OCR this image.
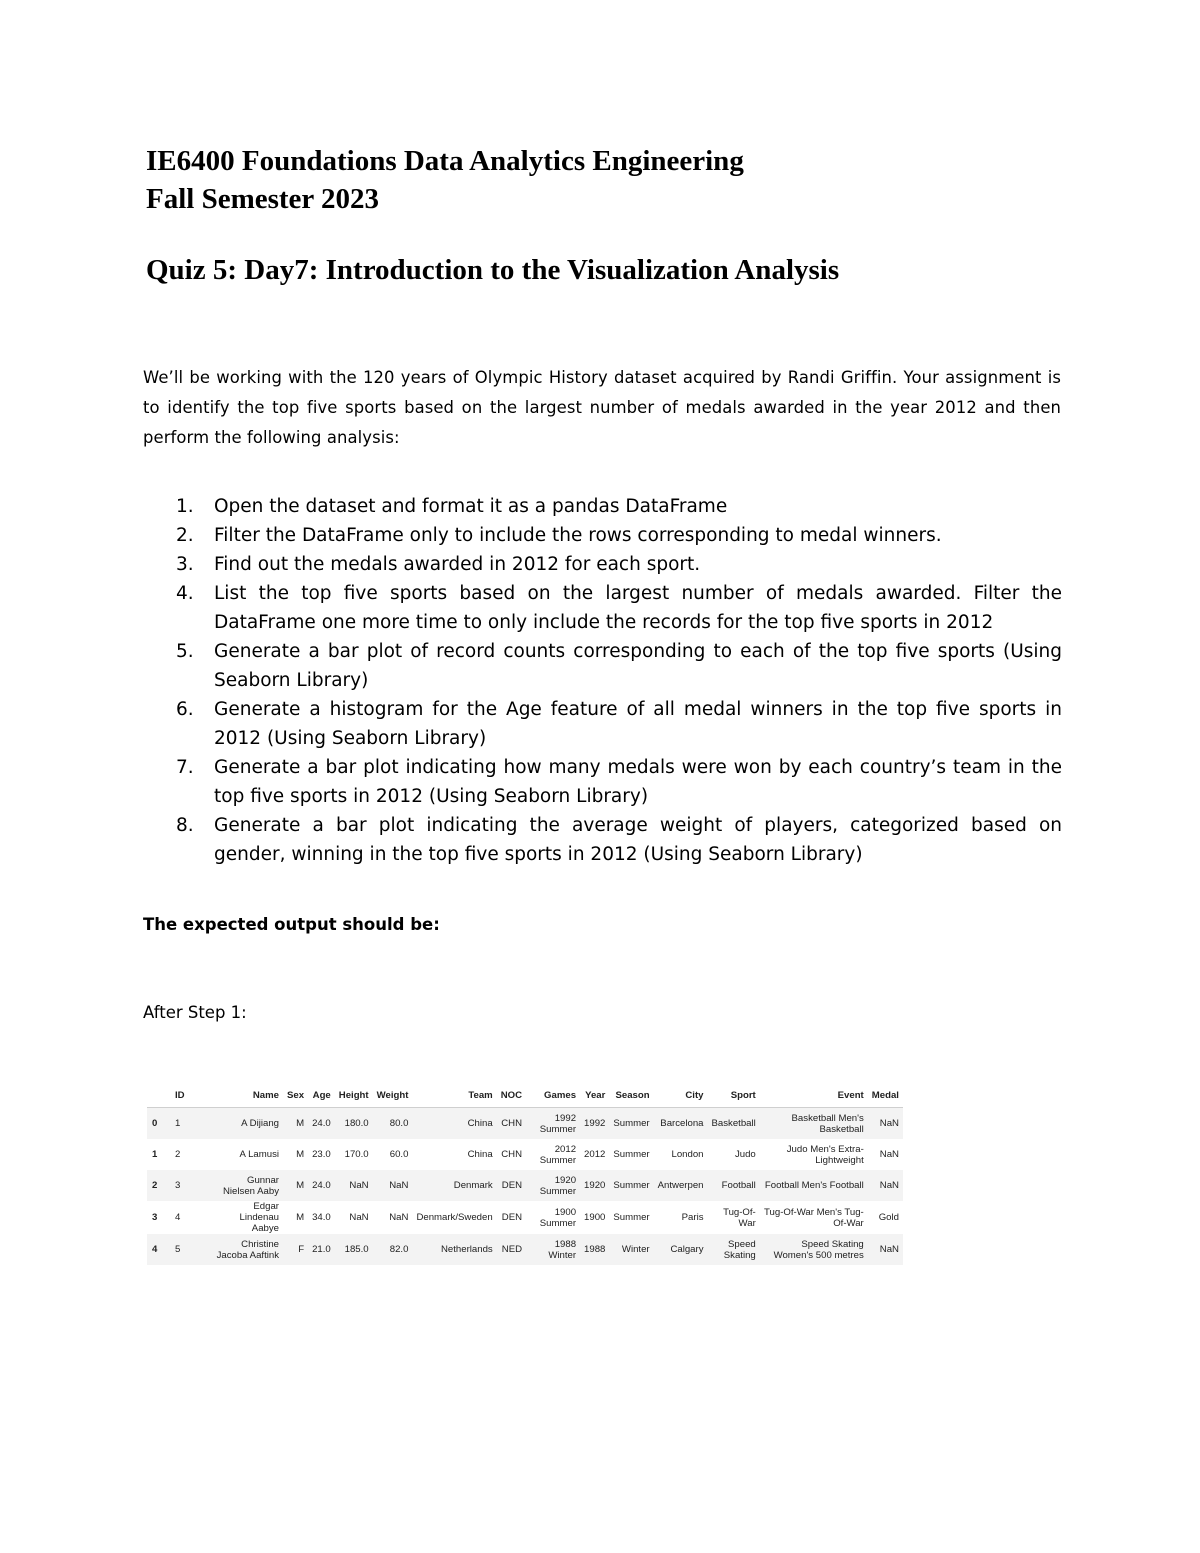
IE6400 Foundations Data Analytics Engineering
Fall Semester 2023
Quiz 5: Day7: Introduction to the Visualization Analysis

We’ll be working with the 120 years of Olympic History dataset acquired by Randi Griffin. Your assignment is to identify the top five sports based on the largest number of medals awarded in the year 2012 and then perform the following analysis:

1. Open the dataset and format it as a pandas DataFrame
2. Filter the DataFrame only to include the rows corresponding to medal winners.
3. Find out the medals awarded in 2012 for each sport.
4. List the top five sports based on the largest number of medals awarded. Filter the DataFrame one more time to only include the records for the top five sports in 2012
5. Generate a bar plot of record counts corresponding to each of the top five sports (Using Seaborn Library)
6. Generate a histogram for the Age feature of all medal winners in the top five sports in 2012 (Using Seaborn Library)
7. Generate a bar plot indicating how many medals were won by each country’s team in the top five sports in 2012 (Using Seaborn Library)
8. Generate a bar plot indicating the average weight of players, categorized based on gender, winning in the top five sports in 2012 (Using Seaborn Library)
The expected output should be:
After Step 1:
	ID	Name	Sex	Age	Height	Weight	Team	NOC	Games	Year	Season	City	Sport	Event	Medal
0	1	A Dijiang	M	24.0	180.0	80.0	China	CHN	1992 Summer	1992	Summer	Barcelona	Basketball	Basketball Men's Basketball	NaN
1	2	A Lamusi	M	23.0	170.0	60.0	China	CHN	2012 Summer	2012	Summer	London	Judo	Judo Men's Extra-Lightweight	NaN
2	3	Gunnar Nielsen Aaby	M	24.0	NaN	NaN	Denmark	DEN	1920 Summer	1920	Summer	Antwerpen	Football	Football Men's Football	NaN
3	4	Edgar Lindenau Aabye	M	34.0	NaN	NaN	Denmark/Sweden	DEN	1900 Summer	1900	Summer	Paris	Tug-Of-War	Tug-Of-War Men's Tug-Of-War	Gold
4	5	Christine Jacoba Aaftink	F	21.0	185.0	82.0	Netherlands	NED	1988 Winter	1988	Winter	Calgary	Speed Skating	Speed Skating Women's 500 metres	NaN
